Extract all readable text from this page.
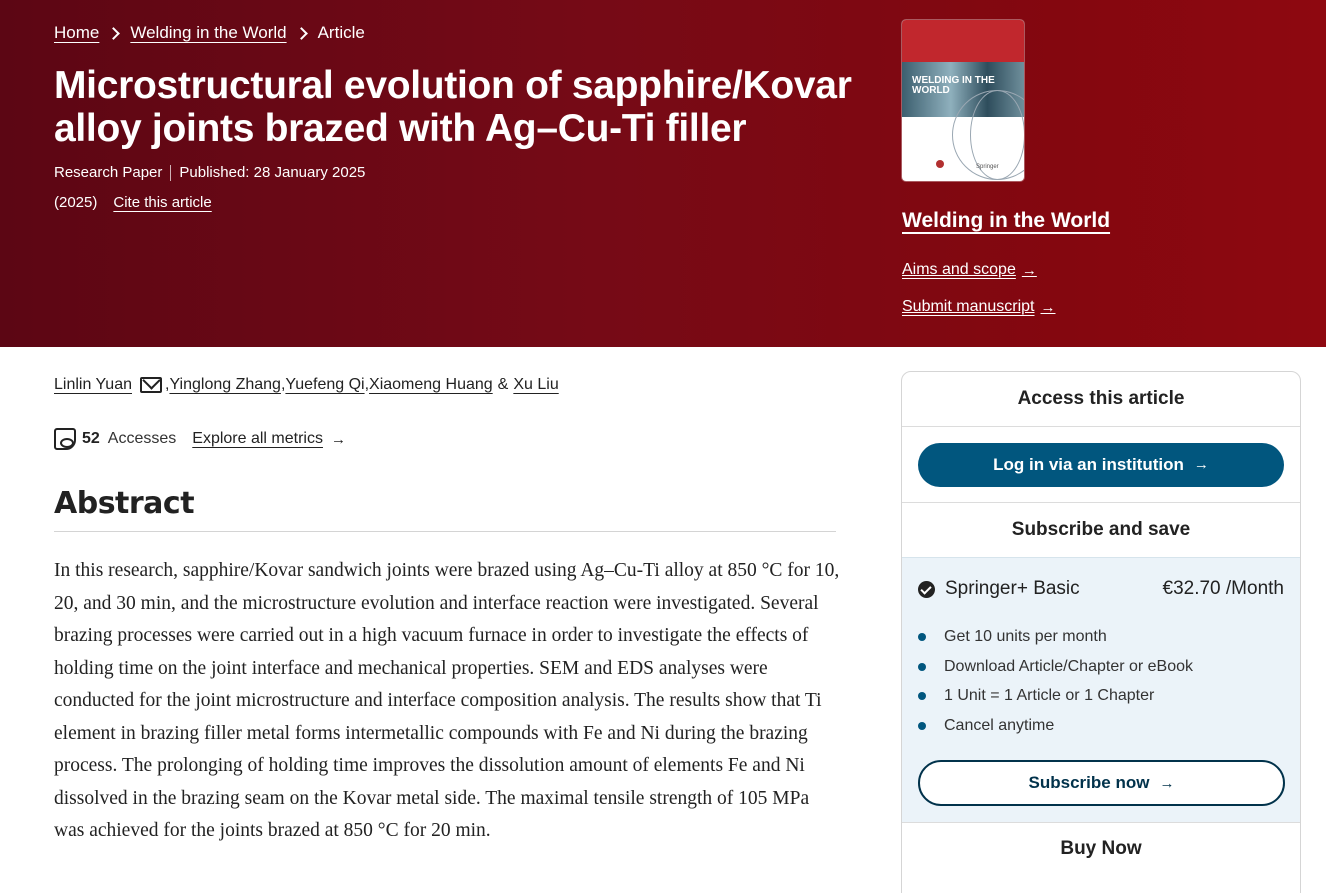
Home Welding in the World Article
Microstructural evolution of sapphire/Kovar alloy joints brazed with Ag–Cu-Ti filler
Research Paper Published: 28 January 2025
(2025) Cite this article
WELDING IN THE WORLD
Springer
Welding in the World
Aims and scope →
Submit manuscript →
Linlin Yuan , Yinglong Zhang , Yuefeng Qi , Xiaomeng Huang & Xu Liu
52 Accesses Explore all metrics →
Abstract

In this research, sapphire/Kovar sandwich joints were brazed using Ag–Cu-Ti alloy at 850 °C for 10, 20, and 30 min, and the microstructure evolution and interface reaction were investigated. Several brazing processes were carried out in a high vacuum furnace in order to investigate the effects of holding time on the joint interface and mechanical properties. SEM and EDS analyses were conducted for the joint microstructure and interface composition analysis. The results show that Ti element in brazing filler metal forms intermetallic compounds with Fe and Ni during the brazing process. The prolonging of holding time improves the dissolution amount of elements Fe and Ni dissolved in the brazing seam on the Kovar metal side. The maximal tensile strength of 105 MPa was achieved for the joints brazed at 850 °C for 20 min.

Access this article
Log in via an institution →
Subscribe and save
Springer+ Basic	€32.70 /Month
Get 10 units per month
Download Article/Chapter or eBook
1 Unit = 1 Article or 1 Chapter
Cancel anytime
Subscribe now →
Buy Now
